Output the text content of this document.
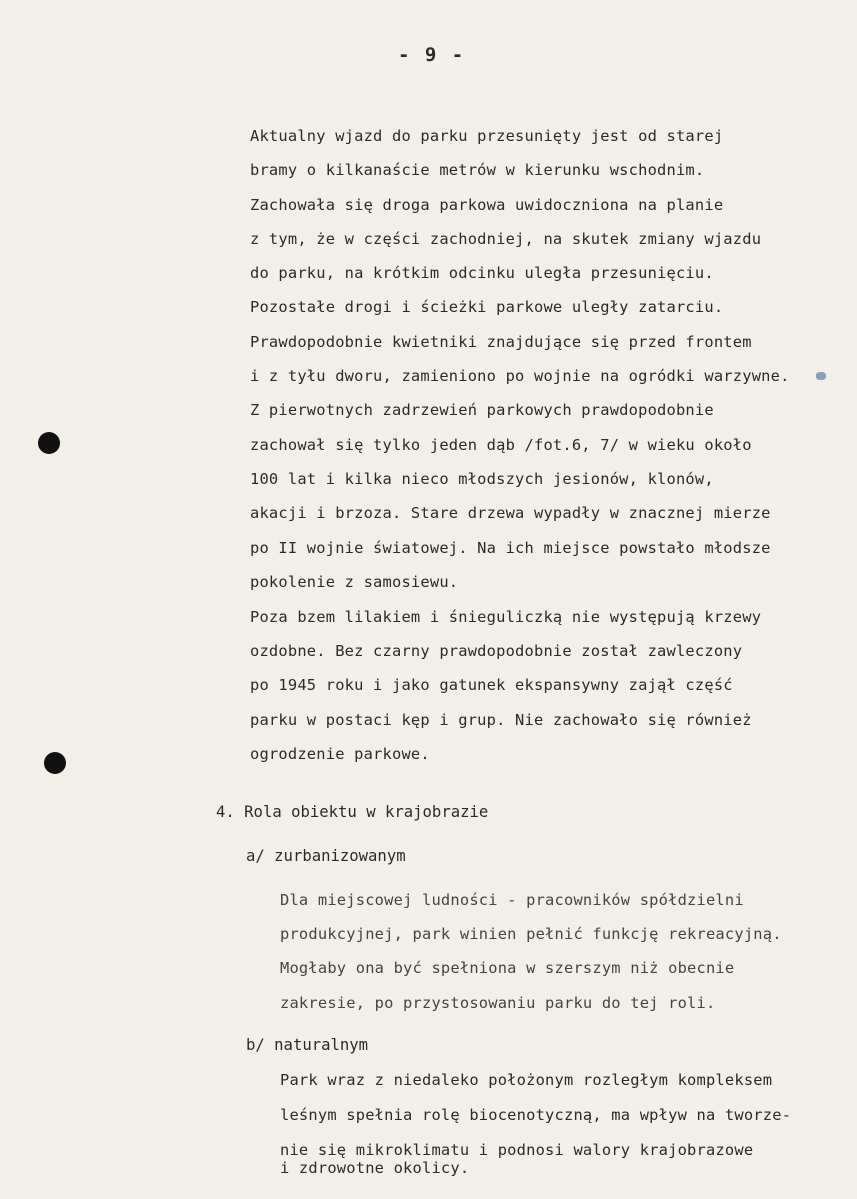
- 9 -
Aktualny wjazd do parku przesunięty jest od starej
bramy o kilkanaście metrów w kierunku wschodnim.
Zachowała się droga parkowa uwidoczniona na planie
z tym, że w części zachodniej, na skutek zmiany wjazdu
do parku, na krótkim odcinku uległa przesunięciu.
Pozostałe drogi i ścieżki parkowe uległy zatarciu.
Prawdopodobnie kwietniki znajdujące się przed frontem
i z tyłu dworu, zamieniono po wojnie na ogródki warzywne.
Z pierwotnych zadrzewień parkowych prawdopodobnie
zachował się tylko jeden dąb /fot.6, 7/ w wieku około
100 lat i kilka nieco młodszych jesionów, klonów,
akacji i brzoza. Stare drzewa wypadły w znacznej mierze
po II wojnie światowej. Na ich miejsce powstało młodsze
pokolenie z samosiewu.
Poza bzem lilakiem i śnieguliczką nie występują krzewy
ozdobne. Bez czarny prawdopodobnie został zawleczony
po 1945 roku i jako gatunek ekspansywny zajął część
parku w postaci kęp i grup. Nie zachowało się również
ogrodzenie parkowe.
4. Rola obiektu w krajobrazie
a/ zurbanizowanym
Dla miejscowej ludności - pracowników spółdzielni
produkcyjnej, park winien pełnić funkcję rekreacyjną.
Mogłaby ona być spełniona w szerszym niż obecnie
zakresie, po przystosowaniu parku do tej roli.
b/ naturalnym
Park wraz z niedaleko położonym rozległym kompleksem
leśnym spełnia rolę biocenotyczną, ma wpływ na tworze-
nie się mikroklimatu i podnosi walory krajobrazowe
i zdrowotne okolicy.
